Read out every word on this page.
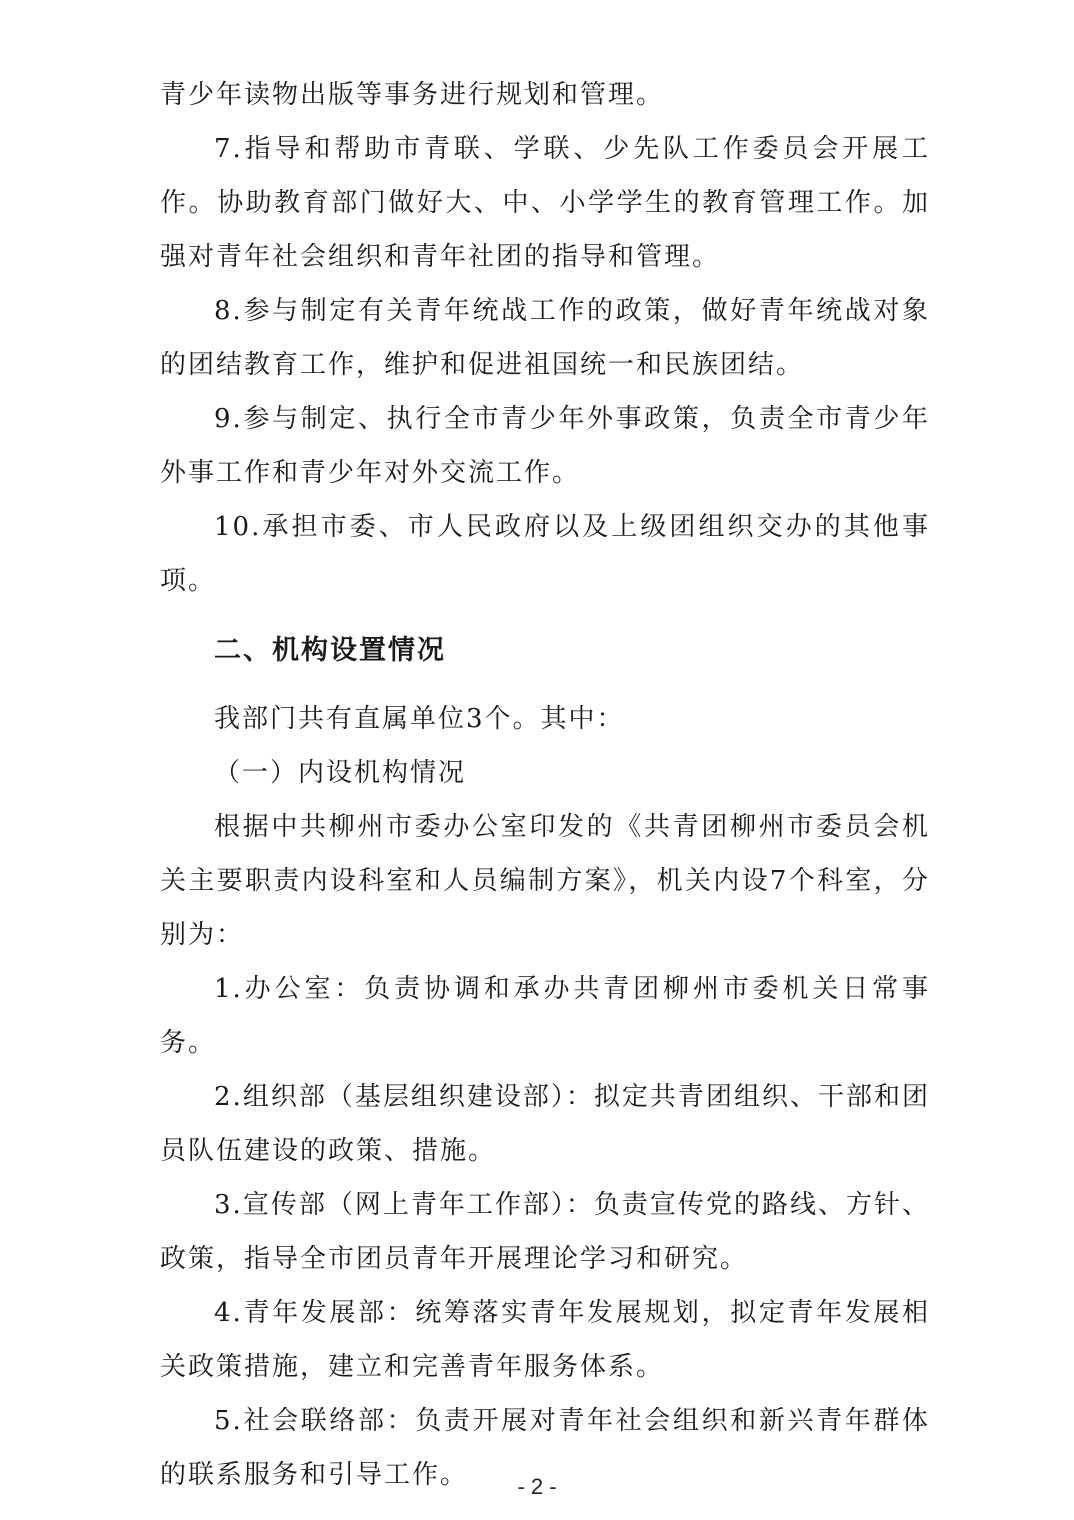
青少年读物出版等事务进行规划和管理。

7.指导和帮助市青联、学联、少先队工作委员会开展工作。协助教育部门做好大、中、小学学生的教育管理工作。加强对青年社会组织和青年社团的指导和管理。

8.参与制定有关青年统战工作的政策，做好青年统战对象的团结教育工作，维护和促进祖国统一和民族团结。

9.参与制定、执行全市青少年外事政策，负责全市青少年外事工作和青少年对外交流工作。

10.承担市委、市人民政府以及上级团组织交办的其他事项。

二、机构设置情况

我部门共有直属单位3个。其中：

（一）内设机构情况

根据中共柳州市委办公室印发的《共青团柳州市委员会机关主要职责内设科室和人员编制方案》，机关内设7个科室，分别为：

1.办公室：负责协调和承办共青团柳州市委机关日常事务。

2.组织部（基层组织建设部）：拟定共青团组织、干部和团员队伍建设的政策、措施。

3.宣传部（网上青年工作部）：负责宣传党的路线、方针、政策，指导全市团员青年开展理论学习和研究。

4.青年发展部：统筹落实青年发展规划，拟定青年发展相关政策措施，建立和完善青年服务体系。

5.社会联络部：负责开展对青年社会组织和新兴青年群体的联系服务和引导工作。	- 2 -
